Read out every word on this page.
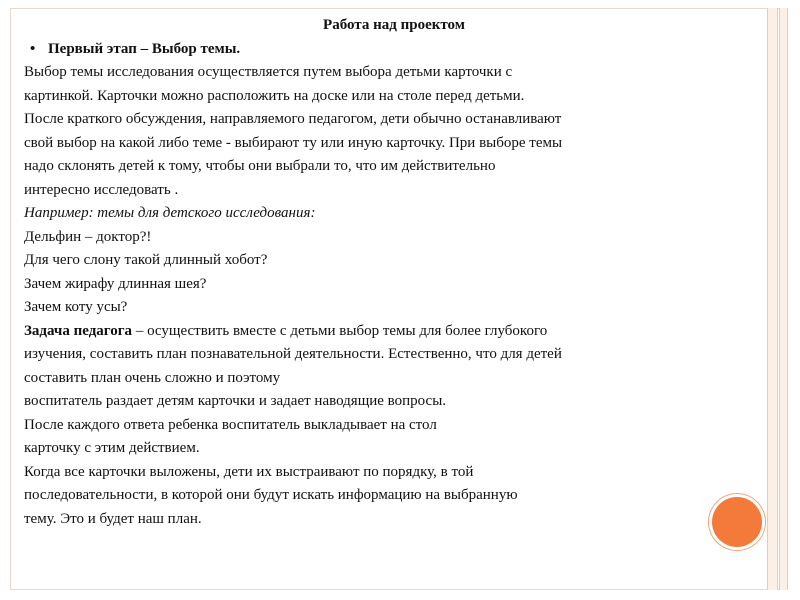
Работа над проектом

• Первый этап – Выбор темы.

Выбор темы исследования осуществляется путем выбора детьми карточки с

картинкой. Карточки можно расположить на доске или на столе перед детьми.

После краткого обсуждения, направляемого педагогом, дети обычно останавливают

свой выбор на какой либо теме - выбирают ту или иную карточку. При выборе темы

надо склонять детей к тому, чтобы они выбрали то, что им действительно

интересно исследовать .

Например: темы для детского исследования:

Дельфин – доктор?!

Для чего слону такой длинный хобот?

Зачем жирафу длинная шея?

Зачем коту усы?

Задача педагога – осуществить вместе с детьми выбор темы для более глубокого

изучения, составить план познавательной деятельности. Естественно, что для детей

составить план очень сложно и поэтому

воспитатель раздает детям карточки и задает наводящие вопросы.

После каждого ответа ребенка воспитатель выкладывает на стол

карточку с этим действием.

Когда все карточки выложены, дети их выстраивают по порядку, в той

последовательности, в которой они будут искать информацию на выбранную

тему. Это и будет наш план.
